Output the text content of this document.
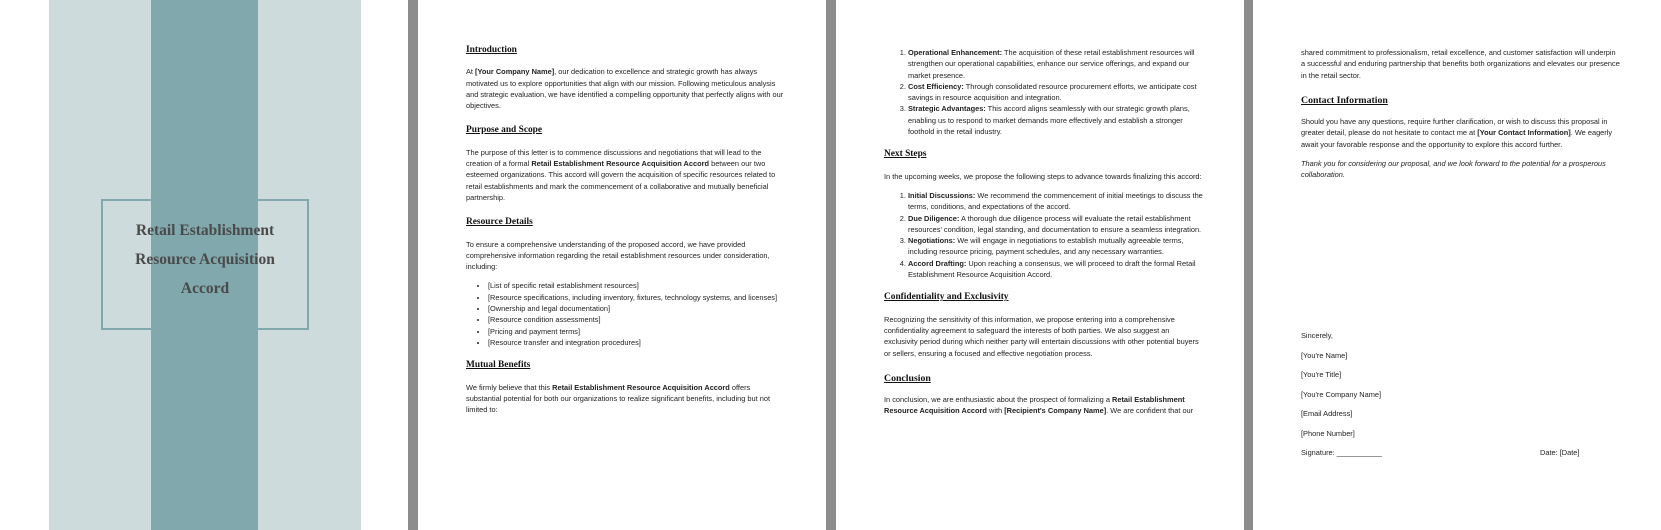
Retail Establishment
Resource Acquisition
Accord
Introduction

At [Your Company Name], our dedication to excellence and strategic growth has always motivated us to explore opportunities that align with our mission. Following meticulous analysis and strategic evaluation, we have identified a compelling opportunity that perfectly aligns with our objectives.

Purpose and Scope

The purpose of this letter is to commence discussions and negotiations that will lead to the creation of a formal Retail Establishment Resource Acquisition Accord between our two esteemed organizations. This accord will govern the acquisition of specific resources related to retail establishments and mark the commencement of a collaborative and mutually beneficial partnership.

Resource Details

To ensure a comprehensive understanding of the proposed accord, we have provided comprehensive information regarding the retail establishment resources under consideration, including:

• [List of specific retail establishment resources]
• [Resource specifications, including inventory, fixtures, technology systems, and licenses]
• [Ownership and legal documentation]
• [Resource condition assessments]
• [Pricing and payment terms]
• [Resource transfer and integration procedures]
Mutual Benefits

We firmly believe that this Retail Establishment Resource Acquisition Accord offers substantial potential for both our organizations to realize significant benefits, including but not limited to:

1. Operational Enhancement: The acquisition of these retail establishment resources will strengthen our operational capabilities, enhance our service offerings, and expand our market presence.
2. Cost Efficiency: Through consolidated resource procurement efforts, we anticipate cost savings in resource acquisition and integration.
3. Strategic Advantages: This accord aligns seamlessly with our strategic growth plans, enabling us to respond to market demands more effectively and establish a stronger foothold in the retail industry.
Next Steps

In the upcoming weeks, we propose the following steps to advance towards finalizing this accord:

1. Initial Discussions: We recommend the commencement of initial meetings to discuss the terms, conditions, and expectations of the accord.
2. Due Diligence: A thorough due diligence process will evaluate the retail establishment resources' condition, legal standing, and documentation to ensure a seamless integration.
3. Negotiations: We will engage in negotiations to establish mutually agreeable terms, including resource pricing, payment schedules, and any necessary warranties.
4. Accord Drafting: Upon reaching a consensus, we will proceed to draft the formal Retail Establishment Resource Acquisition Accord.
Confidentiality and Exclusivity

Recognizing the sensitivity of this information, we propose entering into a comprehensive confidentiality agreement to safeguard the interests of both parties. We also suggest an exclusivity period during which neither party will entertain discussions with other potential buyers or sellers, ensuring a focused and effective negotiation process.

Conclusion

In conclusion, we are enthusiastic about the prospect of formalizing a Retail Establishment Resource Acquisition Accord with [Recipient's Company Name]. We are confident that our

shared commitment to professionalism, retail excellence, and customer satisfaction will underpin a successful and enduring partnership that benefits both organizations and elevates our presence in the retail sector.

Contact Information

Should you have any questions, require further clarification, or wish to discuss this proposal in greater detail, please do not hesitate to contact me at [Your Contact Information]. We eagerly await your favorable response and the opportunity to explore this accord further.

Thank you for considering our proposal, and we look forward to the potential for a prosperous collaboration.

Sincerely,
[You're Name]
[You're Title]
[You're Company Name]
[Email Address]
[Phone Number]
Signature: ___________	Date: [Date]
